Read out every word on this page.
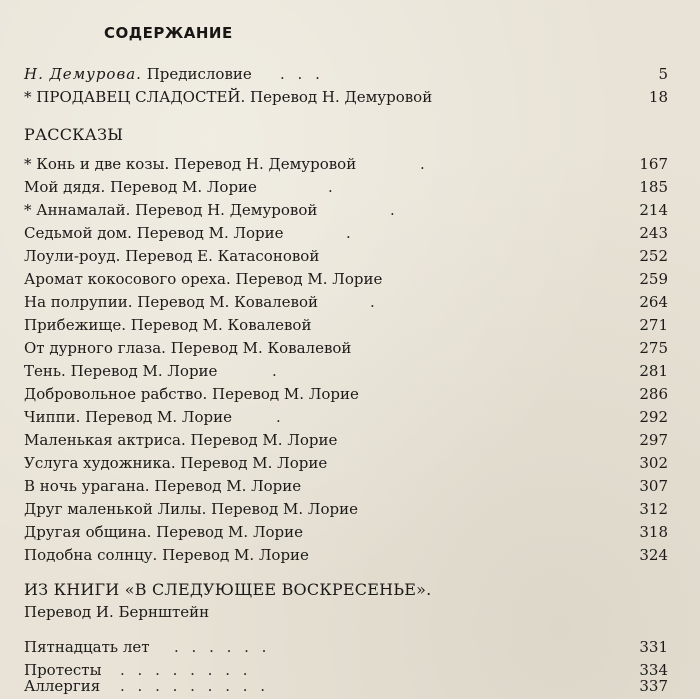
СОДЕРЖАНИЕ
Н. Демурова. Предисловие . . .	5
* ПРОДАВЕЦ СЛАДОСТЕЙ. Перевод Н. Демуровой	18
РАССКАЗЫ
* Конь и две козы. Перевод Н. Демуровой	.	167
Мой дядя. Перевод М. Лорие	.	185
* Аннамалай. Перевод Н. Демуровой	.	214
Седьмой дом. Перевод М. Лорие	.	243
Лоули-роуд. Перевод Е. Катасоновой	252
Аромат кокосового ореха. Перевод М. Лорие	259
На полрупии. Перевод М. Ковалевой	.	264
Прибежище. Перевод М. Ковалевой	271
От дурного глаза. Перевод М. Ковалевой	275
Тень. Перевод М. Лорие	.	281
Добровольное рабство. Перевод М. Лорие	286
Чиппи. Перевод М. Лорие	.	292
Маленькая актриса. Перевод М. Лорие	297
Услуга художника. Перевод М. Лорие	302
В ночь урагана. Перевод М. Лорие	307
Друг маленькой Лилы. Перевод М. Лорие	312
Другая община. Перевод М. Лорие	318
Подобна солнцу. Перевод М. Лорие	324
ИЗ КНИГИ «В СЛЕДУЮЩЕЕ ВОСКРЕСЕНЬЕ».
Перевод И. Бернштейн
Пятнадцать лет . . . . . .	331
Протесты . . . . . . . .	334
Аллергия . . . . . . . . .	337
